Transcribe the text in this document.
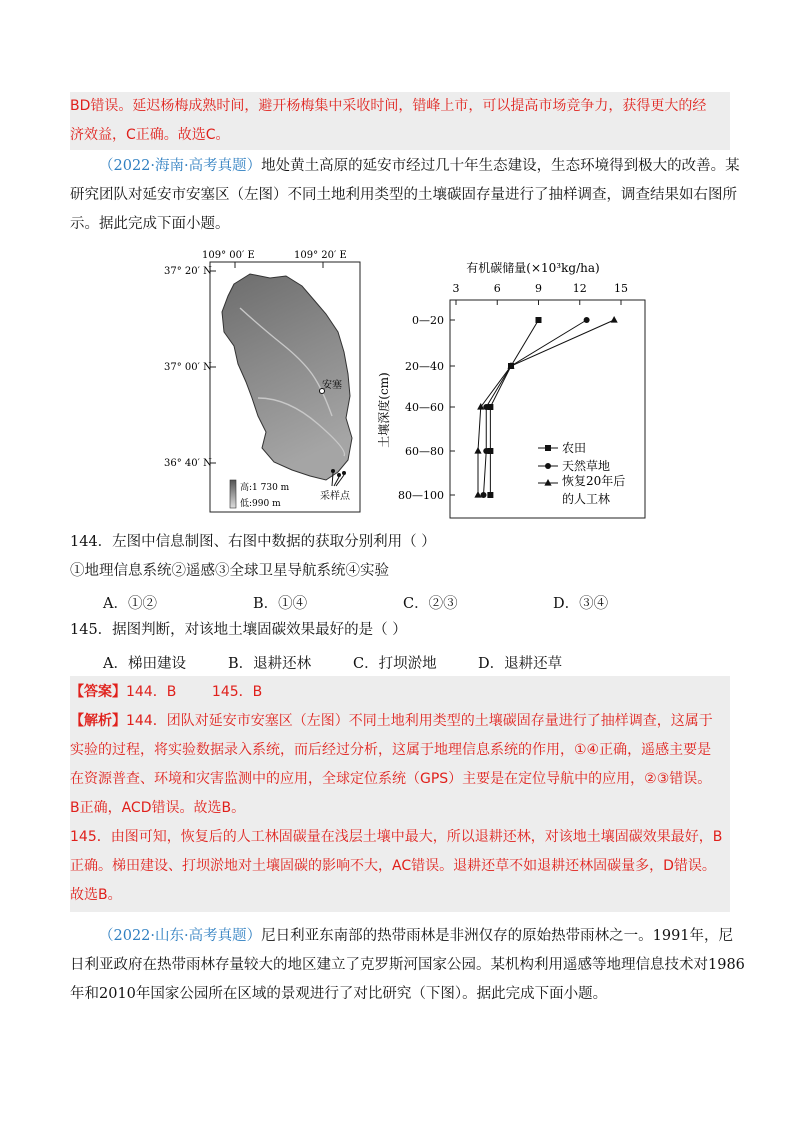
BD错误。延迟杨梅成熟时间，避开杨梅集中采收时间，错峰上市，可以提高市场竞争力，获得更大的经
济效益，C正确。故选C。
（2022·海南·高考真题）地处黄土高原的延安市经过几十年生态建设，生态环境得到极大的改善。某
研究团队对延安市安塞区（左图）不同土地利用类型的土壤碳固存量进行了抽样调查，调查结果如右图所
示。据此完成下面小题。
109° 00′ E	109° 20′ E
37° 20′ N
37° 00′ N
36° 40′ N
安塞
采样点
高:1 730 m
低:990 m
有机碳储量(×10³kg/ha)
土壤深度(cm)
3	6	9	12 15
0—20
20—40
40—60
60—80
80—100
农田
天然草地
恢复20年后
的人工林
144．左图中信息制图、右图中数据的获取分别利用（ ）
①地理信息系统②遥感③全球卫星导航系统④实验
A．①②	B．①④	C．②③	D．③④
145．据图判断，对该地土壤固碳效果最好的是（ ）
A．梯田建设	B．退耕还林	C．打坝淤地	D．退耕还草
【答案】144．B        145．B
【解析】144．团队对延安市安塞区（左图）不同土地利用类型的土壤碳固存量进行了抽样调查，这属于
实验的过程，将实验数据录入系统，而后经过分析，这属于地理信息系统的作用，①④正确，遥感主要是
在资源普查、环境和灾害监测中的应用，全球定位系统（GPS）主要是在定位导航中的应用，②③错误。
B正确，ACD错误。故选B。
145．由图可知，恢复后的人工林固碳量在浅层土壤中最大，所以退耕还林，对该地土壤固碳效果最好，B
正确。梯田建设、打坝淤地对土壤固碳的影响不大，AC错误。退耕还草不如退耕还林固碳量多，D错误。
故选B。
（2022·山东·高考真题）尼日利亚东南部的热带雨林是非洲仅存的原始热带雨林之一。1991年，尼
日利亚政府在热带雨林存量较大的地区建立了克罗斯河国家公园。某机构利用遥感等地理信息技术对1986
年和2010年国家公园所在区域的景观进行了对比研究（下图）。据此完成下面小题。
